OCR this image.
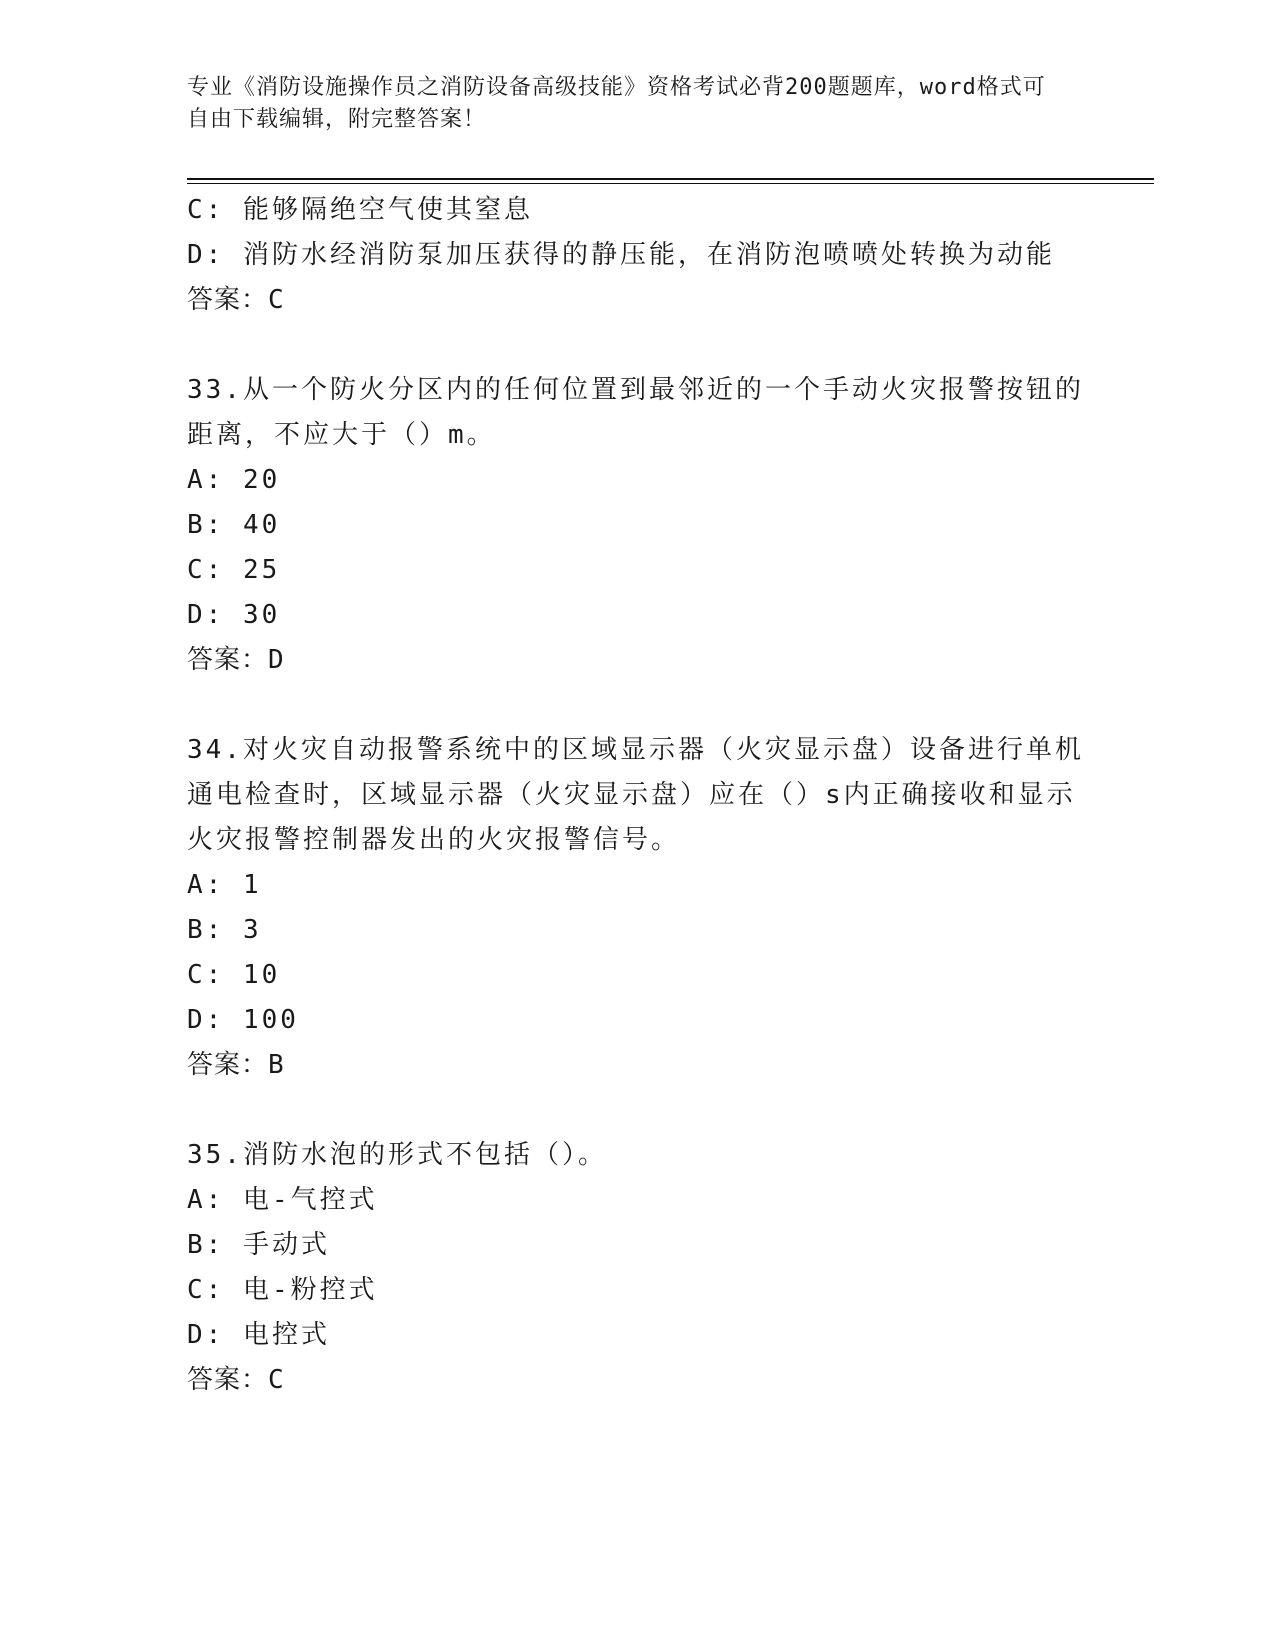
专业《消防设施操作员之消防设备高级技能》资格考试必背200题题库，word格式可自由下载编辑，附完整答案！
C: 能够隔绝空气使其窒息
D: 消防水经消防泵加压获得的静压能，在消防泡喷喷处转换为动能
答案：C
33.从一个防火分区内的任何位置到最邻近的一个手动火灾报警按钮的距离，不应大于（）m。
A: 20
B: 40
C: 25
D: 30
答案：D
34.对火灾自动报警系统中的区域显示器（火灾显示盘）设备进行单机通电检查时，区域显示器（火灾显示盘）应在（）s内正确接收和显示火灾报警控制器发出的火灾报警信号。
A: 1
B: 3
C: 10
D: 100
答案：B
35.消防水泡的形式不包括（）。
A: 电-气控式
B: 手动式
C: 电-粉控式
D: 电控式
答案：C
